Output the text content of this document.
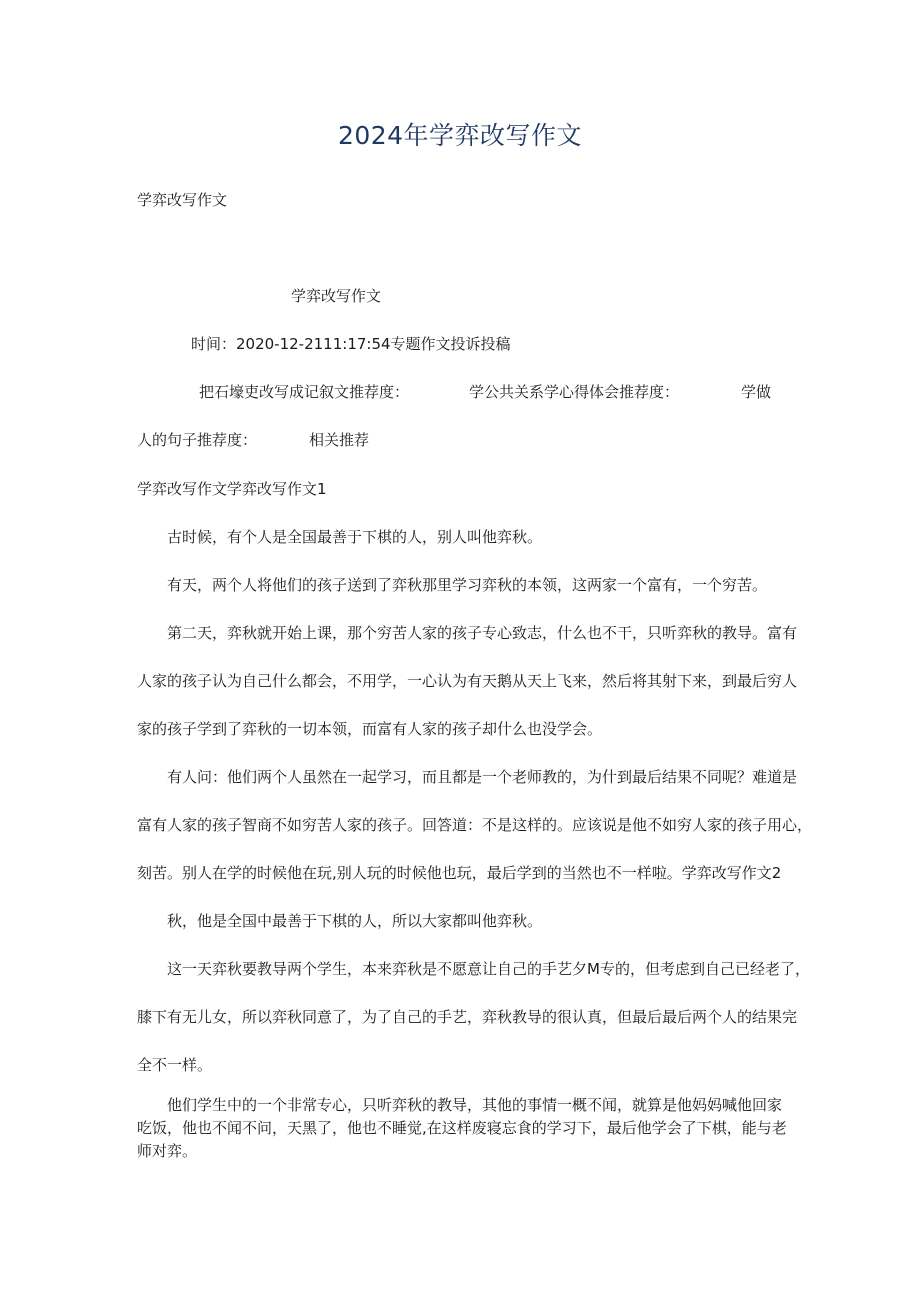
2024年学弈改写作文
学弈改写作文
学弈改写作文
时间：2020-12-2111:17:54专题作文投诉投稿
把石壕吏改写成记叙文推荐度：	学公共关系学心得体会推荐度：	学做
人的句子推荐度：	相关推荐
学弈改写作文学弈改写作文1
古时候，有个人是全国最善于下棋的人，别人叫他弈秋。
有天，两个人将他们的孩子送到了弈秋那里学习弈秋的本领，这两家一个富有，一个穷苦。
第二天，弈秋就开始上课，那个穷苦人家的孩子专心致志，什么也不干，只听弈秋的教导。富有
人家的孩子认为自己什么都会，不用学，一心认为有天鹅从天上飞来，然后将其射下来，到最后穷人
家的孩子学到了弈秋的一切本领，而富有人家的孩子却什么也没学会。
有人问：他们两个人虽然在一起学习，而且都是一个老师教的，为什到最后结果不同呢？难道是
富有人家的孩子智商不如穷苦人家的孩子。回答道：不是这样的。应该说是他不如穷人家的孩子用心，
刻苦。别人在学的时候他在玩,别人玩的时候他也玩，最后学到的当然也不一样啦。学弈改写作文2
秋，他是全国中最善于下棋的人，所以大家都叫他弈秋。
这一天弈秋要教导两个学生，本来弈秋是不愿意让自己的手艺夕M专的，但考虑到自己已经老了，
膝下有无儿女，所以弈秋同意了，为了自己的手艺，弈秋教导的很认真，但最后最后两个人的结果完
全不一样。
他们学生中的一个非常专心，只听弈秋的教导，其他的事情一概不闻，就算是他妈妈喊他回家吃饭，他也不闻不问，天黑了，他也不睡觉,在这样废寝忘食的学习下，最后他学会了下棋，能与老师对弈。
